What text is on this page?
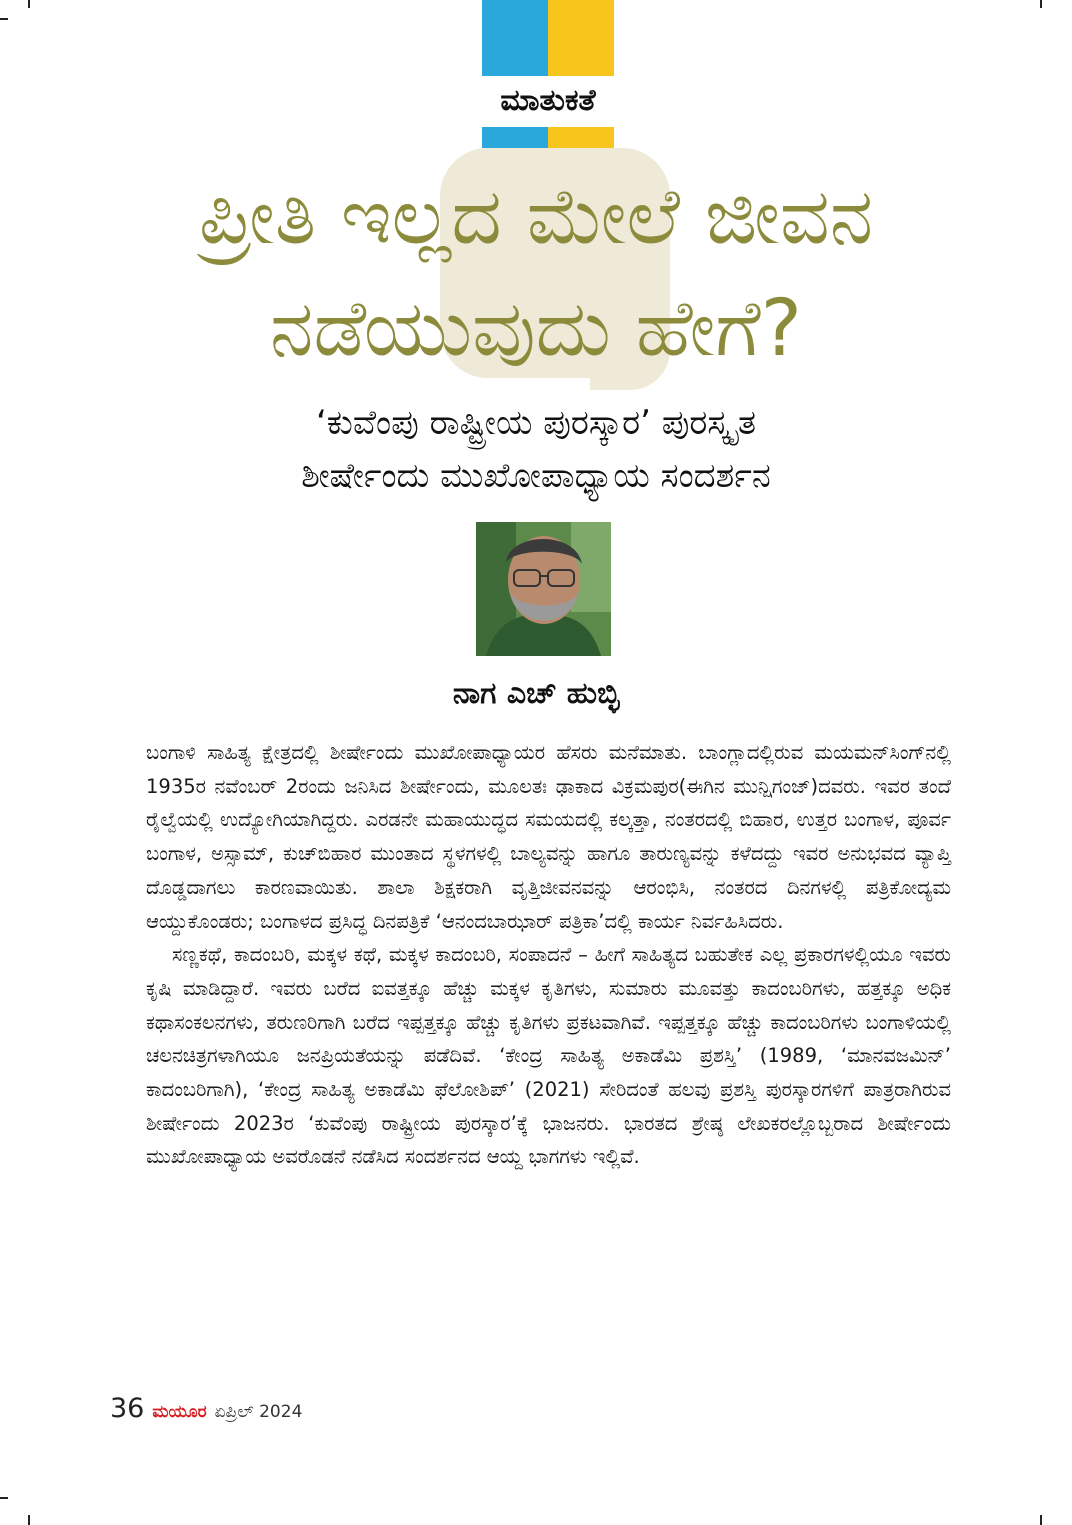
ಮಾತುಕತೆ
ಪ್ರೀತಿ ಇಲ್ಲದ ಮೇಲೆ ಜೀವನ
ನಡೆಯುವುದು ಹೇಗೆ?
‘ಕುವೆಂಪು ರಾಷ್ಟ್ರೀಯ ಪುರಸ್ಕಾರ’ ಪುರಸ್ಕೃತ
ಶೀರ್ಷೇಂದು ಮುಖೋಪಾಧ್ಯಾಯ ಸಂದರ್ಶನ
ನಾಗ ಎಚ್‌ ಹುಬ್ಳಿ

ಬಂಗಾಳಿ ಸಾಹಿತ್ಯ ಕ್ಷೇತ್ರದಲ್ಲಿ ಶೀರ್ಷೇಂದು ಮುಖೋಪಾಧ್ಯಾಯರ ಹೆಸರು ಮನೆಮಾತು. ಬಾಂಗ್ಲಾದಲ್ಲಿರುವ ಮಯಮನ್‌ಸಿಂಗ್‌ನಲ್ಲಿ 1935ರ ನವೆಂಬರ್ 2ರಂದು ಜನಿಸಿದ ಶೀರ್ಷೇಂದು, ಮೂಲತಃ ಢಾಕಾದ ವಿಕ್ರಮಪುರ(ಈಗಿನ ಮುನ್ಷಿಗಂಜ್)ದವರು. ಇವರ ತಂದೆ ರೈಲ್ವೆಯಲ್ಲಿ ಉದ್ಯೋಗಿಯಾಗಿದ್ದರು. ಎರಡನೇ ಮಹಾಯುದ್ಧದ ಸಮಯದಲ್ಲಿ ಕಲ್ಕತ್ತಾ, ನಂತರದಲ್ಲಿ ಬಿಹಾರ, ಉತ್ತರ ಬಂಗಾಳ, ಪೂರ್ವ ಬಂಗಾಳ, ಅಸ್ಸಾಮ್, ಕುಚ್‌ಬಿಹಾರ ಮುಂತಾದ ಸ್ಥಳಗಳಲ್ಲಿ ಬಾಲ್ಯವನ್ನು ಹಾಗೂ ತಾರುಣ್ಯವನ್ನು ಕಳೆದದ್ದು ಇವರ ಅನುಭವದ ವ್ಯಾಪ್ತಿ ದೊಡ್ಡದಾಗಲು ಕಾರಣವಾಯಿತು. ಶಾಲಾ ಶಿಕ್ಷಕರಾಗಿ ವೃತ್ತಿಜೀವನವನ್ನು ಆರಂಭಿಸಿ, ನಂತರದ ದಿನಗಳಲ್ಲಿ ಪತ್ರಿಕೋದ್ಯಮ ಆಯ್ದುಕೊಂಡರು; ಬಂಗಾಳದ ಪ್ರಸಿದ್ಧ ದಿನಪತ್ರಿಕೆ ‘ಆನಂದಬಾಝಾರ್ ಪತ್ರಿಕಾ’ದಲ್ಲಿ ಕಾರ್ಯ ನಿರ್ವಹಿಸಿದರು.

ಸಣ್ಣಕಥೆ, ಕಾದಂಬರಿ, ಮಕ್ಕಳ ಕಥೆ, ಮಕ್ಕಳ ಕಾದಂಬರಿ, ಸಂಪಾದನೆ – ಹೀಗೆ ಸಾಹಿತ್ಯದ ಬಹುತೇಕ ಎಲ್ಲ ಪ್ರಕಾರಗಳಲ್ಲಿಯೂ ಇವರು ಕೃಷಿ ಮಾಡಿದ್ದಾರೆ. ಇವರು ಬರೆದ ಐವತ್ತಕ್ಕೂ ಹೆಚ್ಚು ಮಕ್ಕಳ ಕೃತಿಗಳು, ಸುಮಾರು ಮೂವತ್ತು ಕಾದಂಬರಿಗಳು, ಹತ್ತಕ್ಕೂ ಅಧಿಕ ಕಥಾಸಂಕಲನಗಳು, ತರುಣರಿಗಾಗಿ ಬರೆದ ಇಪ್ಪತ್ತಕ್ಕೂ ಹೆಚ್ಚು ಕೃತಿಗಳು ಪ್ರಕಟವಾಗಿವೆ. ಇಪ್ಪತ್ತಕ್ಕೂ ಹೆಚ್ಚು ಕಾದಂಬರಿಗಳು ಬಂಗಾಳಿಯಲ್ಲಿ ಚಲನಚಿತ್ರಗಳಾಗಿಯೂ ಜನಪ್ರಿಯತೆಯನ್ನು ಪಡೆದಿವೆ. ‘ಕೇಂದ್ರ ಸಾಹಿತ್ಯ ಅಕಾಡೆಮಿ ಪ್ರಶಸ್ತಿ’ (1989, ‘ಮಾನವಜಮಿನ್’ ಕಾದಂಬರಿಗಾಗಿ), ‘ಕೇಂದ್ರ ಸಾಹಿತ್ಯ ಅಕಾಡೆಮಿ ಫೆಲೋಶಿಪ್’ (2021) ಸೇರಿದಂತೆ ಹಲವು ಪ್ರಶಸ್ತಿ ಪುರಸ್ಕಾರಗಳಿಗೆ ಪಾತ್ರರಾಗಿರುವ ಶೀರ್ಷೇಂದು 2023ರ ‘ಕುವೆಂಪು ರಾಷ್ಟ್ರೀಯ ಪುರಸ್ಕಾರ’ಕ್ಕೆ ಭಾಜನರು. ಭಾರತದ ಶ್ರೇಷ್ಠ ಲೇಖಕರಲ್ಲೊಬ್ಬರಾದ ಶೀರ್ಷೇಂದು ಮುಖೋಪಾಧ್ಯಾಯ ಅವರೊಡನೆ ನಡೆಸಿದ ಸಂದರ್ಶನದ ಆಯ್ದ ಭಾಗಗಳು ಇಲ್ಲಿವೆ.

36 ಮಯೂರ ಏಪ್ರಿಲ್ 2024
